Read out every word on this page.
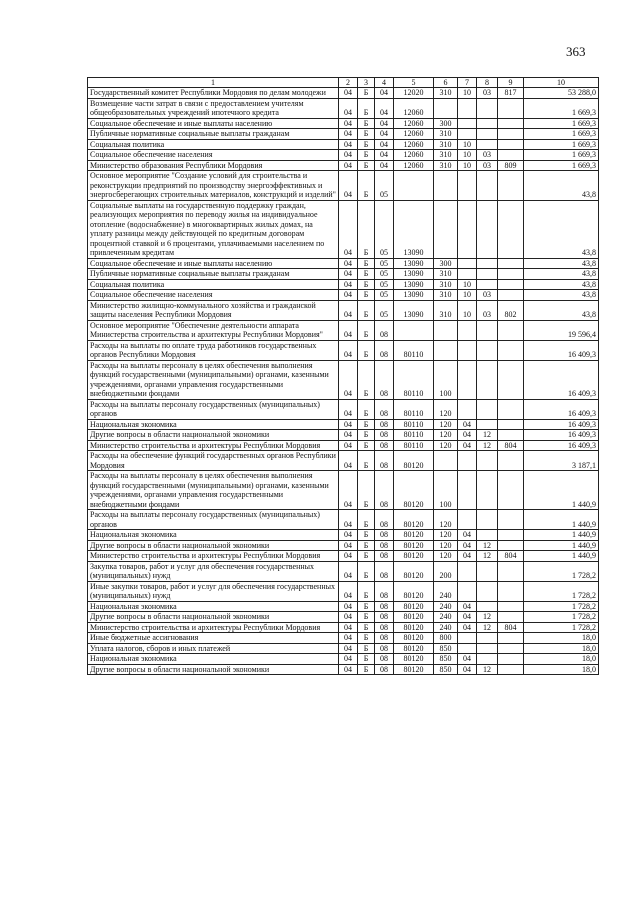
363
1	2	3	4	5	6	7	8	9	10
Государственный комитет Республики Мордовия по делам молодежи	04	Б	04	12020	310	10	03	817	53 288,0
Возмещение части затрат в связи с предоставлением учителям общеобразовательных учреждений ипотечного кредита	04	Б	04	12060					1 669,3
Социальное обеспечение и иные выплаты населению	04	Б	04	12060	300				1 669,3
Публичные нормативные социальные выплаты гражданам	04	Б	04	12060	310				1 669,3
Социальная политика	04	Б	04	12060	310	10			1 669,3
Социальное обеспечение населения	04	Б	04	12060	310	10	03		1 669,3
Министерство образования Республики Мордовия	04	Б	04	12060	310	10	03	809	1 669,3
Основное мероприятие "Создание условий для строительства и реконструкции предприятий по производству энергоэффективных и энергосберегающих строительных материалов, конструкций и изделий"	04	Б	05						43,8
Социальные выплаты на государственную поддержку граждан, реализующих мероприятия по переводу жилья на индивидуальное отопление (водоснабжение) в многоквартирных жилых домах, на уплату разницы между действующей по кредитным договорам процентной ставкой и 6 процентами, уплачиваемыми населением по привлеченным кредитам	04	Б	05	13090					43,8
Социальное обеспечение и иные выплаты населению	04	Б	05	13090	300				43,8
Публичные нормативные социальные выплаты гражданам	04	Б	05	13090	310				43,8
Социальная политика	04	Б	05	13090	310	10			43,8
Социальное обеспечение населения	04	Б	05	13090	310	10	03		43,8
Министерство жилищно-коммунального хозяйства и гражданской защиты населения Республики Мордовия	04	Б	05	13090	310	10	03	802	43,8
Основное мероприятие "Обеспечение деятельности аппарата Министерства строительства и архитектуры Республики Мордовия"	04	Б	08						19 596,4
Расходы на выплаты по оплате труда работников государственных органов Республики Мордовия	04	Б	08	80110					16 409,3
Расходы на выплаты персоналу в целях обеспечения выполнения функций государственными (муниципальными) органами, казенными учреждениями, органами управления государственными внебюджетными фондами	04	Б	08	80110	100				16 409,3
Расходы на выплаты персоналу государственных (муниципальных) органов	04	Б	08	80110	120				16 409,3
Национальная экономика	04	Б	08	80110	120	04			16 409,3
Другие вопросы в области национальной экономики	04	Б	08	80110	120	04	12		16 409,3
Министерство строительства и архитектуры Республики Мордовия	04	Б	08	80110	120	04	12	804	16 409,3
Расходы на обеспечение функций государственных органов Республики Мордовия	04	Б	08	80120					3 187,1
Расходы на выплаты персоналу в целях обеспечения выполнения функций государственными (муниципальными) органами, казенными учреждениями, органами управления государственными внебюджетными фондами	04	Б	08	80120	100				1 440,9
Расходы на выплаты персоналу государственных (муниципальных) органов	04	Б	08	80120	120				1 440,9
Национальная экономика	04	Б	08	80120	120	04			1 440,9
Другие вопросы в области национальной экономики	04	Б	08	80120	120	04	12		1 440,9
Министерство строительства и архитектуры Республики Мордовия	04	Б	08	80120	120	04	12	804	1 440,9
Закупка товаров, работ и услуг для обеспечения государственных (муниципальных) нужд	04	Б	08	80120	200				1 728,2
Иные закупки товаров, работ и услуг для обеспечения государственных (муниципальных) нужд	04	Б	08	80120	240				1 728,2
Национальная экономика	04	Б	08	80120	240	04			1 728,2
Другие вопросы в области национальной экономики	04	Б	08	80120	240	04	12		1 728,2
Министерство строительства и архитектуры Республики Мордовия	04	Б	08	80120	240	04	12	804	1 728,2
Иные бюджетные ассигнования	04	Б	08	80120	800				18,0
Уплата налогов, сборов и иных платежей	04	Б	08	80120	850				18,0
Национальная экономика	04	Б	08	80120	850	04			18,0
Другие вопросы в области национальной экономики	04	Б	08	80120	850	04	12		18,0
